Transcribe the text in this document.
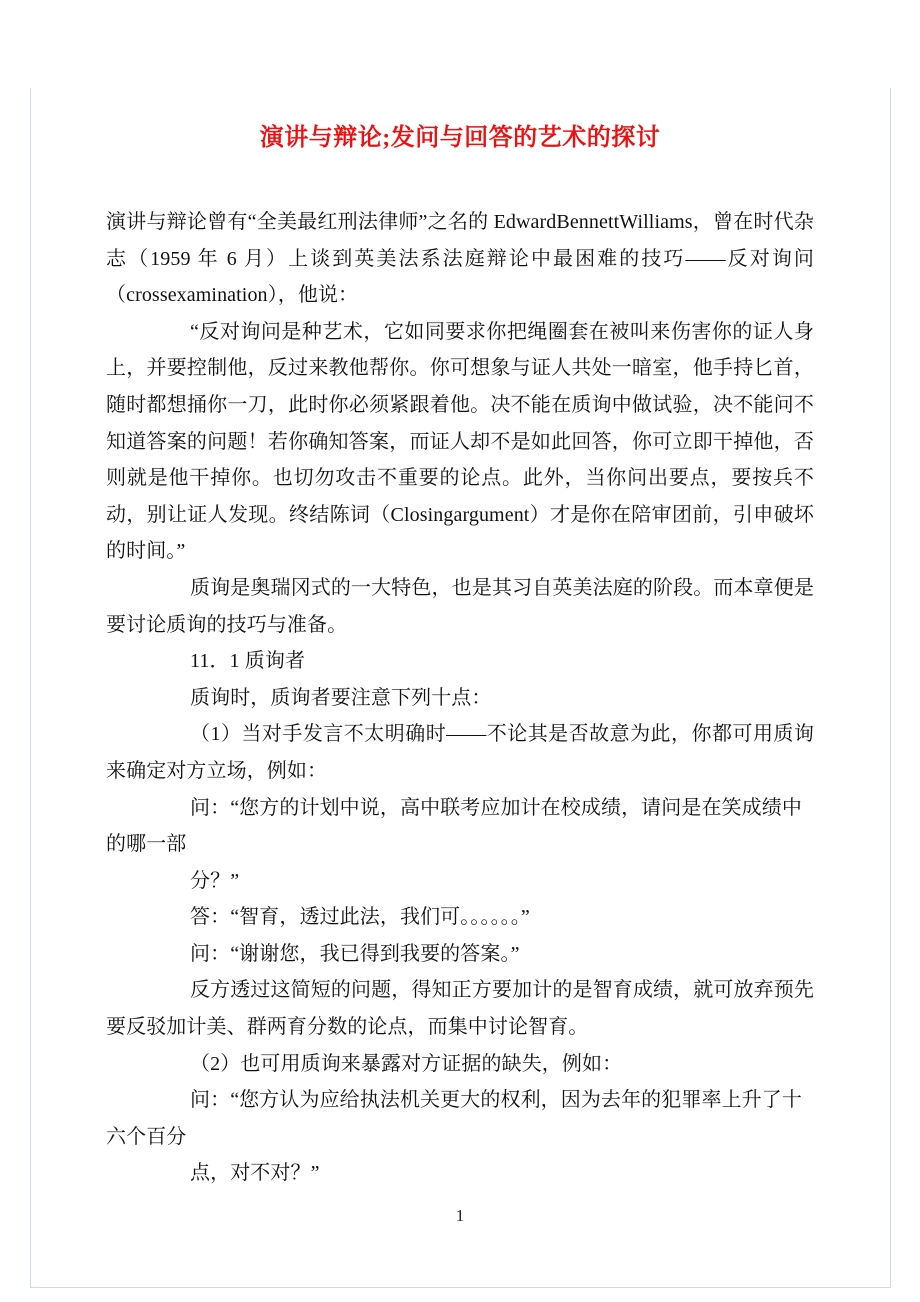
演讲与辩论;发问与回答的艺术的探讨

演讲与辩论曾有“全美最红刑法律师”之名的 EdwardBennettWilliams，曾在时代杂志（1959 年 6 月）上谈到英美法系法庭辩论中最困难的技巧——反对询问（crossexamination），他说：

“反对询问是种艺术，它如同要求你把绳圈套在被叫来伤害你的证人身上，并要控制他，反过来教他帮你。你可想象与证人共处一暗室，他手持匕首，随时都想捅你一刀，此时你必须紧跟着他。决不能在质询中做试验，决不能问不知道答案的问题！若你确知答案，而证人却不是如此回答，你可立即干掉他，否则就是他干掉你。也切勿攻击不重要的论点。此外，当你问出要点，要按兵不动，别让证人发现。终结陈词（Closingargument）才是你在陪审团前，引申破坏的时间。”

质询是奥瑞冈式的一大特色，也是其习自英美法庭的阶段。而本章便是要讨论质询的技巧与准备。

11．1 质询者

质询时，质询者要注意下列十点：

（1）当对手发言不太明确时——不论其是否故意为此，你都可用质询来确定对方立场，例如：

问：“您方的计划中说，高中联考应加计在校成绩，请问是在笑成绩中

的哪一部

分？”

答：“智育，透过此法，我们可。。。。。。”

问：“谢谢您，我已得到我要的答案。”

反方透过这简短的问题，得知正方要加计的是智育成绩，就可放弃预先要反驳加计美、群两育分数的论点，而集中讨论智育。

（2）也可用质询来暴露对方证据的缺失，例如：

问：“您方认为应给执法机关更大的权利，因为去年的犯罪率上升了十

六个百分

点，对不对？”

1
